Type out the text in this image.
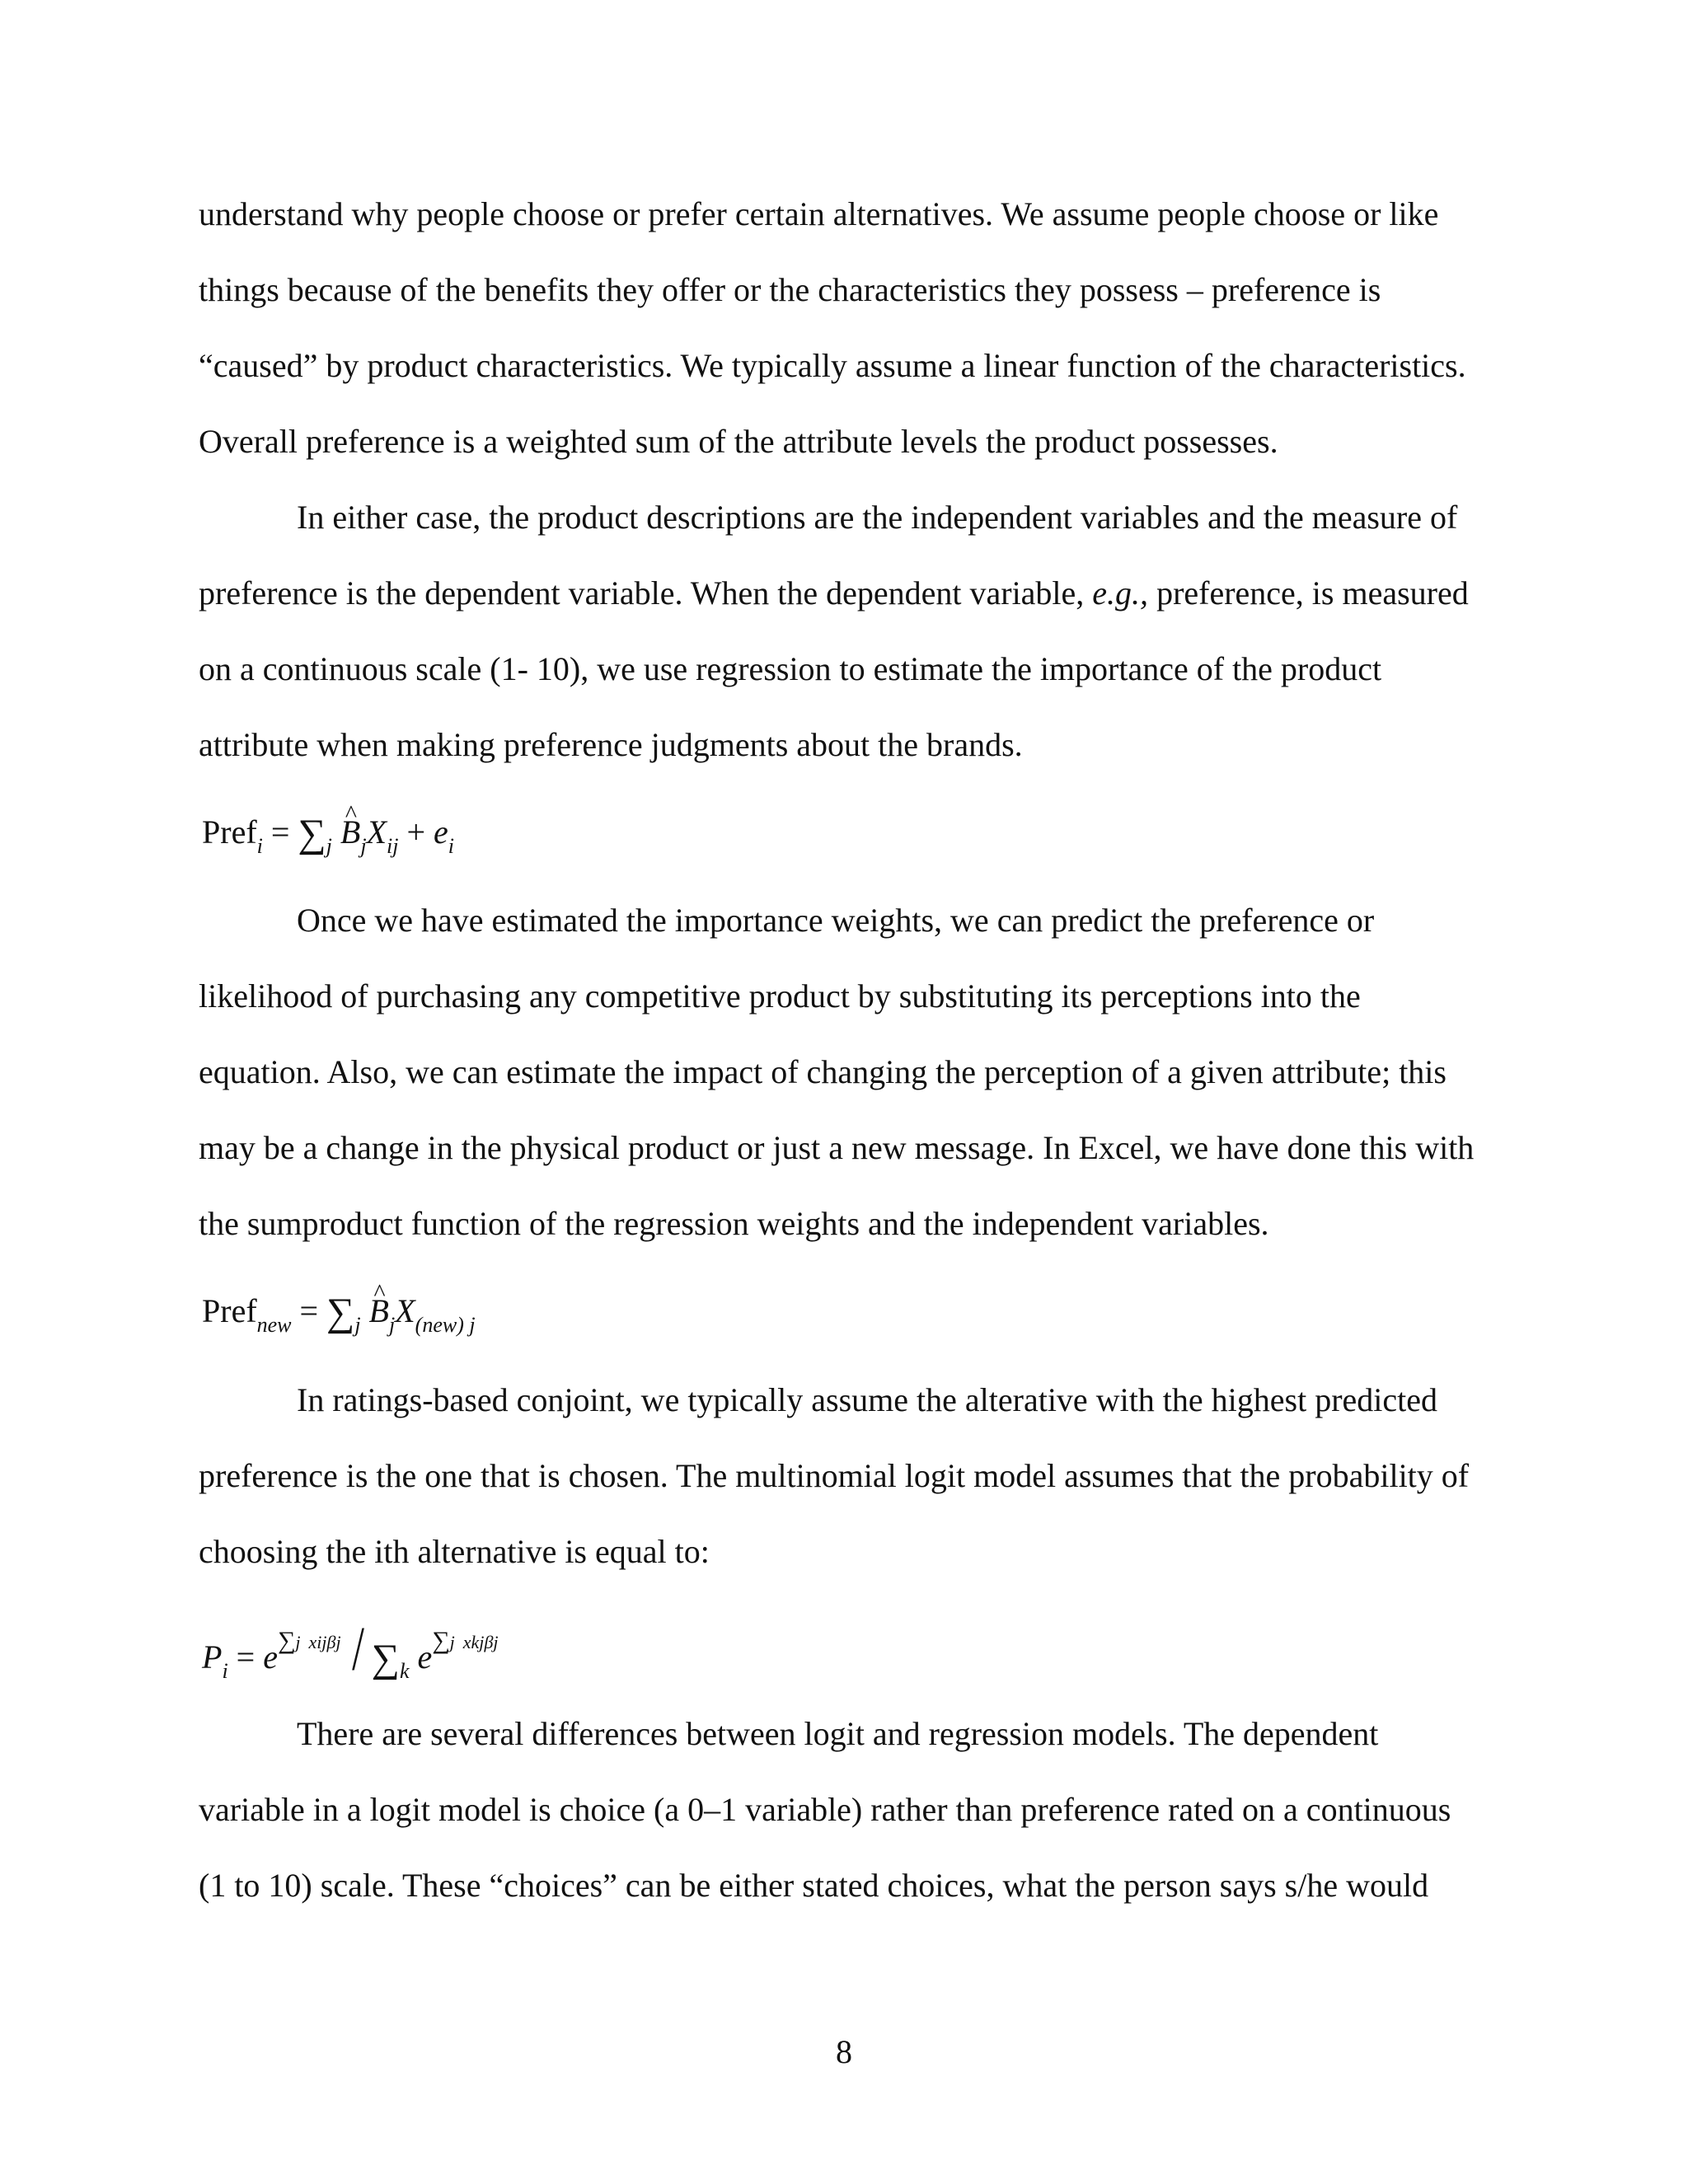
understand why people choose or prefer certain alternatives. We assume people choose or like
things because of the benefits they offer or the characteristics they possess – preference is
“caused” by product characteristics. We typically assume a linear function of the characteristics.
Overall preference is a weighted sum of the attribute levels the product possesses.
In either case, the product descriptions are the independent variables and the measure of
preference is the dependent variable. When the dependent variable, e.g., preference, is measured
on a continuous scale (1- 10), we use regression to estimate the importance of the product
attribute when making preference judgments about the brands.
Pref$_i$ = $\sum_j$ ^ $B_jX_{ij} + e_i$
Once we have estimated the importance weights, we can predict the preference or
likelihood of purchasing any competitive product by substituting its perceptions into the
equation. Also, we can estimate the impact of changing the perception of a given attribute; this
may be a change in the physical product or just a new message. In Excel, we have done this with
the sumproduct function of the regression weights and the independent variables.
Pref$_{new}$ = $\sum_j$ ^ $B_jX_{(new) j}$
In ratings-based conjoint, we typically assume the alterative with the highest predicted
preference is the one that is chosen. The multinomial logit model assumes that the probability of
choosing the ith alternative is equal to:
$P_i = e^{\sum j}$ $^{xij\beta j} / \sum_k$ $e^{\sum j}$ $^{xkj\beta j}$
There are several differences between logit and regression models. The dependent
variable in a logit model is choice (a 0–1 variable) rather than preference rated on a continuous
(1 to 10) scale. These “choices” can be either stated choices, what the person says s/he would
8
